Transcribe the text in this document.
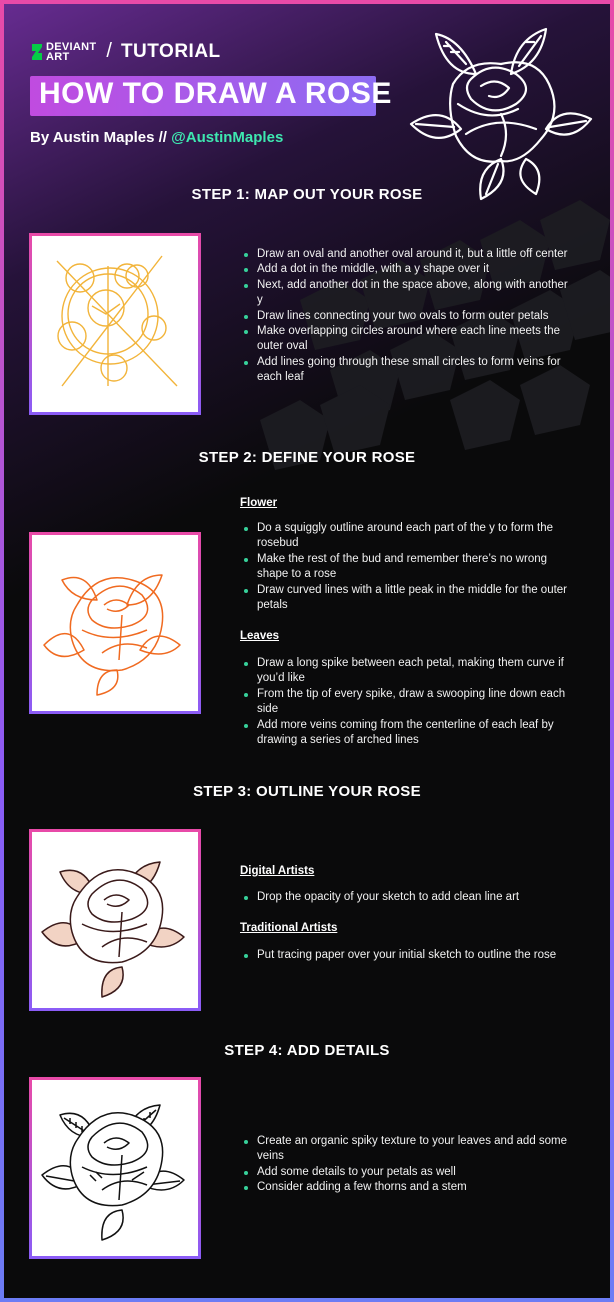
DEVIANT
ART	/ TUTORIAL
HOW TO DRAW A ROSE
By Austin Maples // @AustinMaples
STEP 1: MAP OUT YOUR ROSE
Draw an oval and another oval around it, but a little off center
Add a dot in the middle, with a y shape over it
Next, add another dot in the space above, along with another y
Draw lines connecting your two ovals to form outer petals
Make overlapping circles around where each line meets the outer oval
Add lines going through these small circles to form veins for each leaf
STEP 2: DEFINE YOUR ROSE
Flower
Do a squiggly outline around each part of the y to form the rosebud
Make the rest of the bud and remember there’s no wrong shape to a rose
Draw curved lines with a little peak in the middle for the outer petals
Leaves
Draw a long spike between each petal, making them curve if you’d like
From the tip of every spike, draw a swooping line down each side
Add more veins coming from the centerline of each leaf by drawing a series of arched lines
STEP 3: OUTLINE YOUR ROSE
Digital Artists
Drop the opacity of your sketch to add clean line art
Traditional Artists
Put tracing paper over your initial sketch to outline the rose
STEP 4: ADD DETAILS
Create an organic spiky texture to your leaves and add some veins
Add some details to your petals as well
Consider adding a few thorns and a stem
